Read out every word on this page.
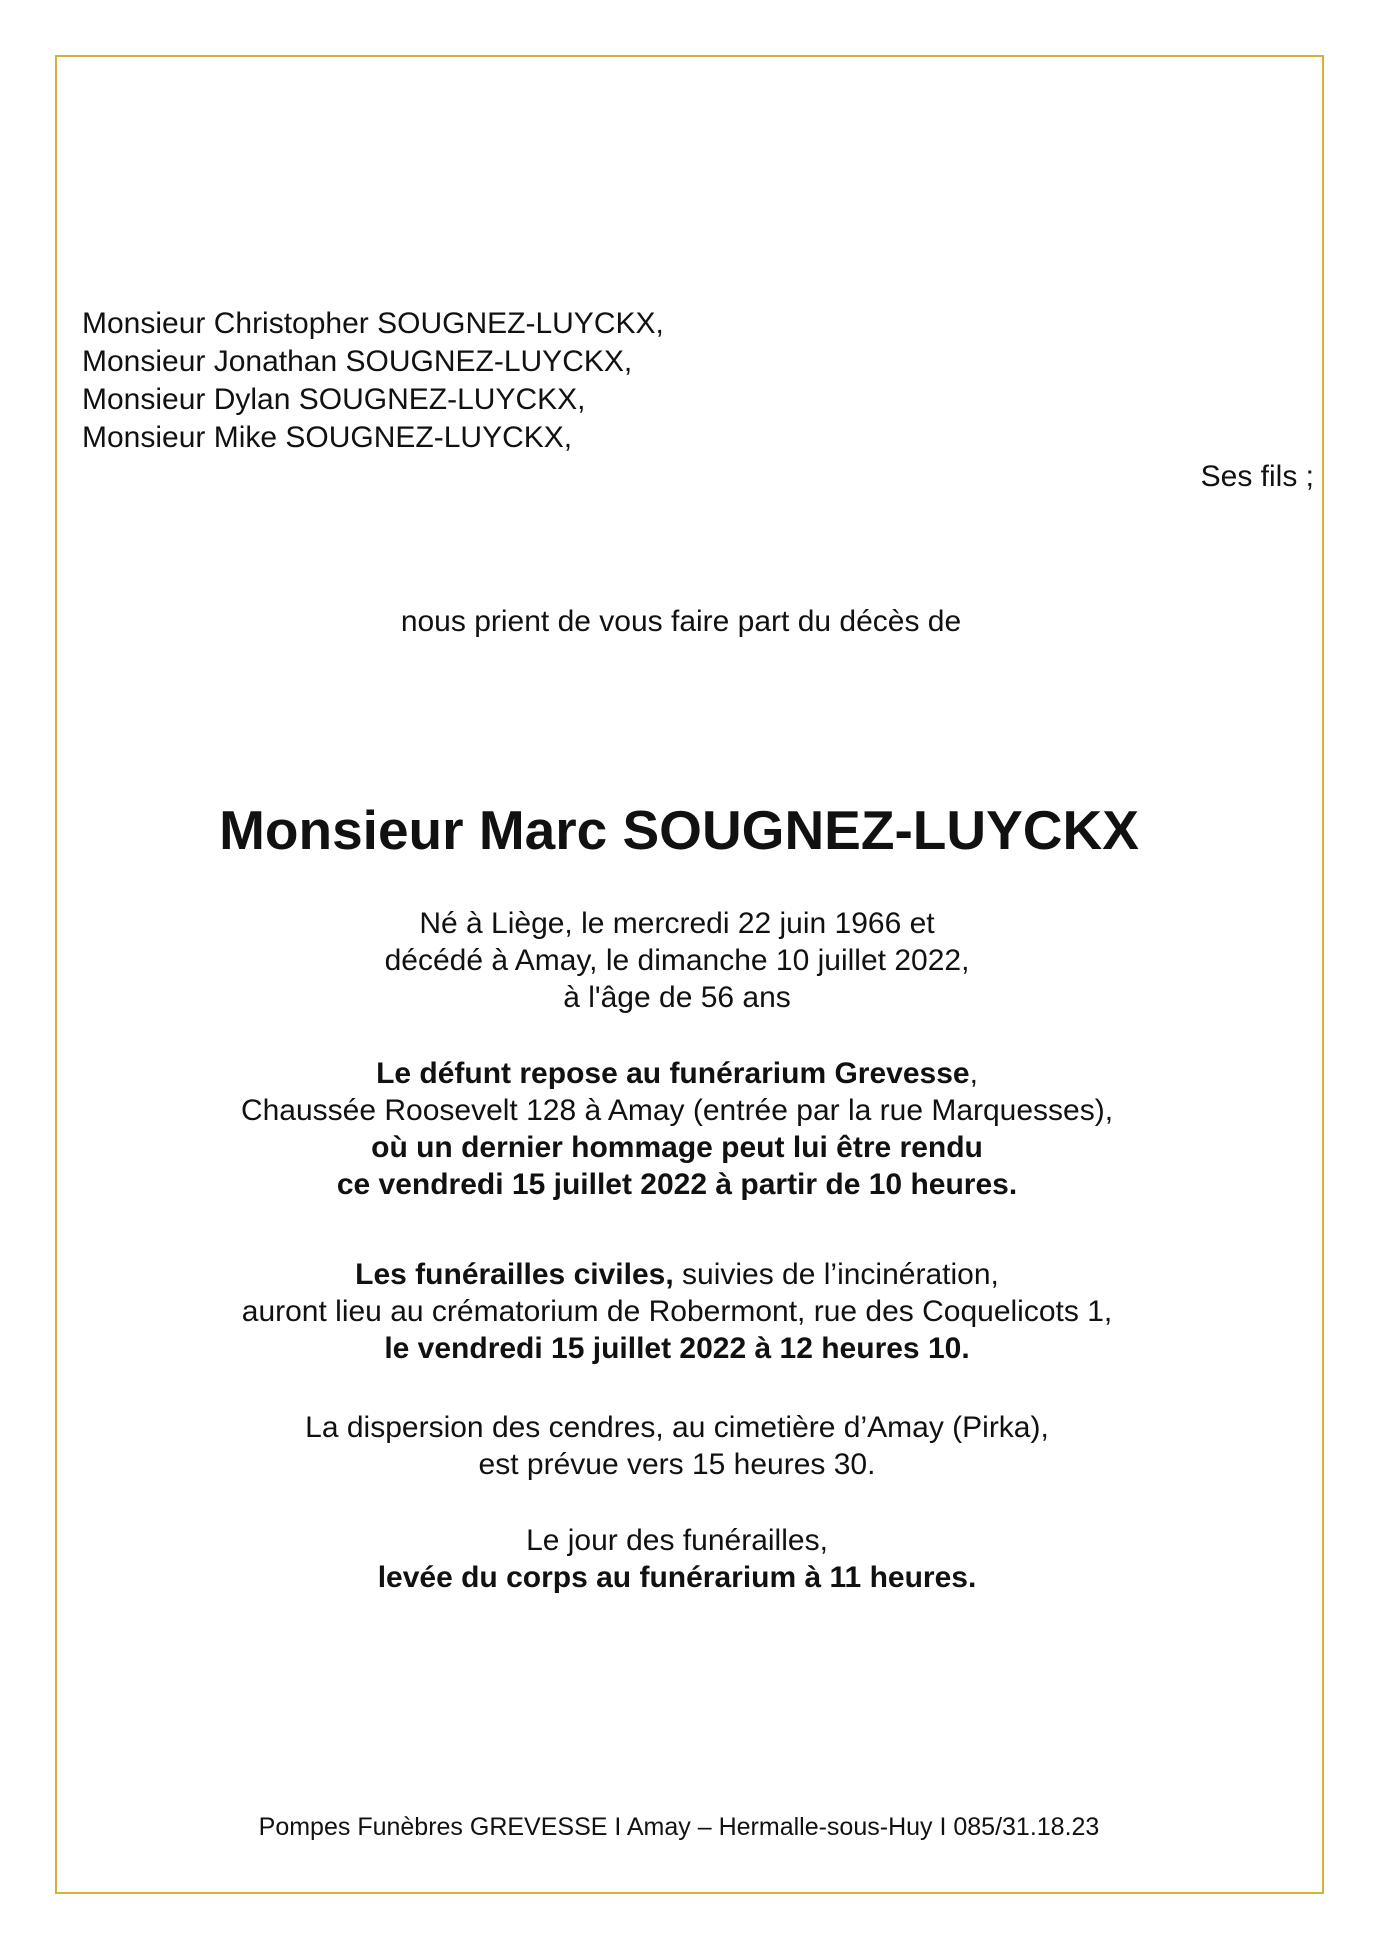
Monsieur Christopher SOUGNEZ-LUYCKX,
Monsieur Jonathan SOUGNEZ-LUYCKX,
Monsieur Dylan SOUGNEZ-LUYCKX,
Monsieur Mike SOUGNEZ-LUYCKX,
Ses fils ;
nous prient de vous faire part du décès de
Monsieur Marc SOUGNEZ-LUYCKX
Né à Liège, le mercredi 22 juin 1966 et
décédé à Amay, le dimanche 10 juillet 2022,
à l'âge de 56 ans
Le défunt repose au funérarium Grevesse,
Chaussée Roosevelt 128 à Amay (entrée par la rue Marquesses),
où un dernier hommage peut lui être rendu
ce vendredi 15 juillet 2022 à partir de 10 heures.
Les funérailles civiles, suivies de l’incinération,
auront lieu au crématorium de Robermont, rue des Coquelicots 1,
le vendredi 15 juillet 2022 à 12 heures 10.
La dispersion des cendres, au cimetière d’Amay (Pirka),
est prévue vers 15 heures 30.
Le jour des funérailles,
levée du corps au funérarium à 11 heures.
Pompes Funèbres GREVESSE I Amay – Hermalle-sous-Huy I 085/31.18.23
